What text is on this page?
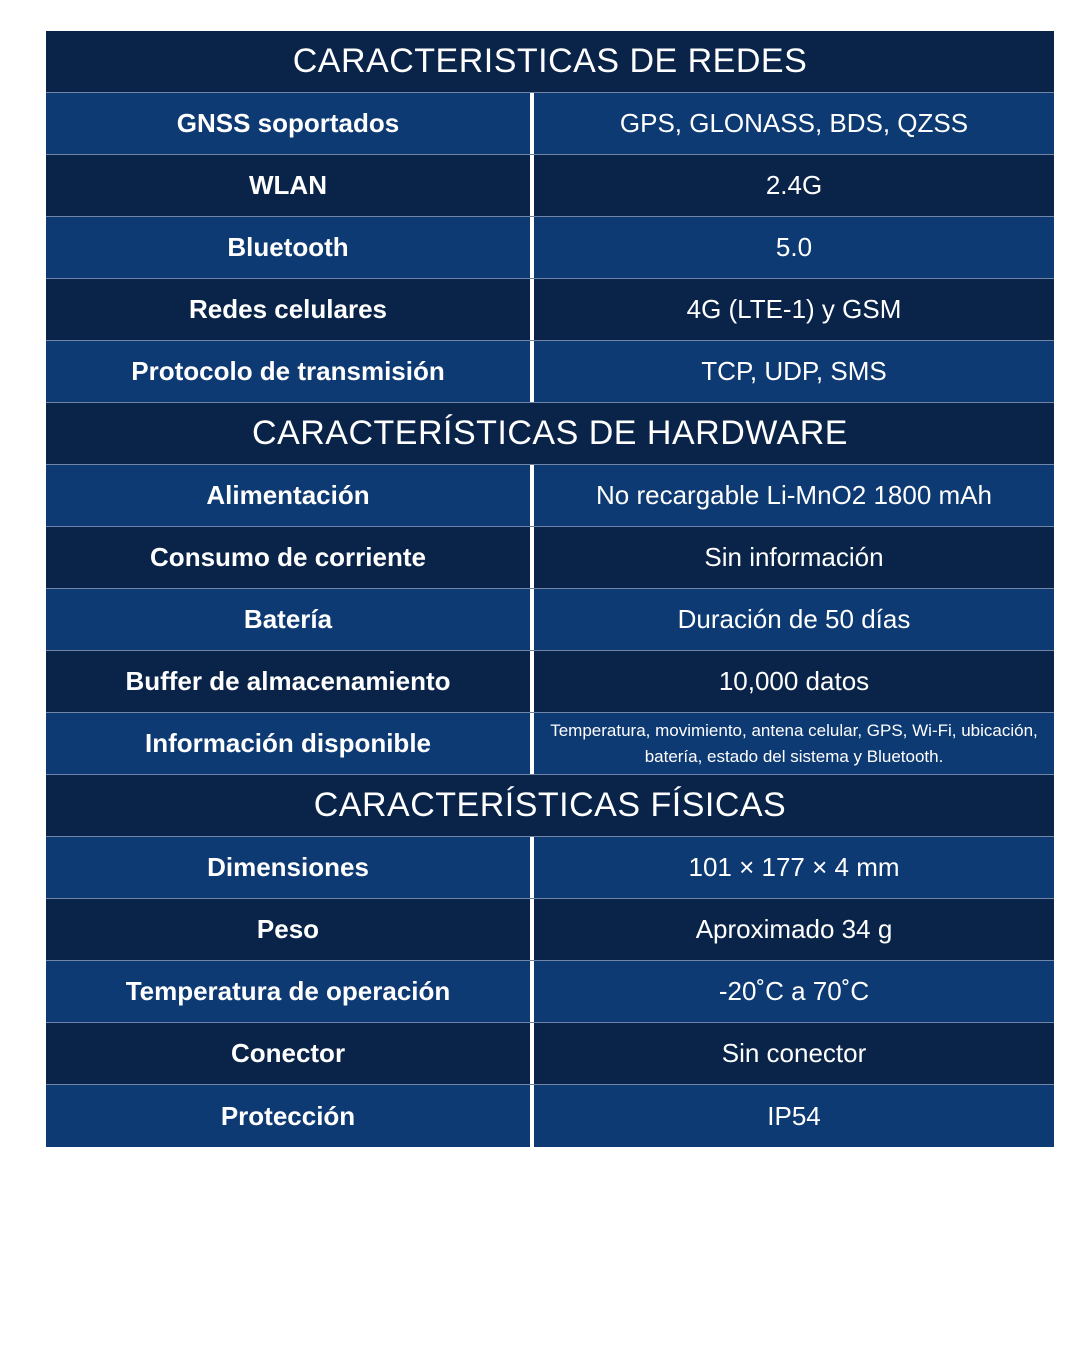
CARACTERISTICAS DE REDES
GNSS soportados	GPS, GLONASS, BDS, QZSS
WLAN	2.4G
Bluetooth	5.0
Redes celulares	4G (LTE-1) y GSM
Protocolo de transmisión	TCP, UDP, SMS
CARACTERÍSTICAS DE HARDWARE
Alimentación	No recargable Li-MnO2 1800 mAh
Consumo de corriente	Sin información
Batería	Duración de 50 días
Buffer de almacenamiento	10,000 datos
Información disponible	Temperatura, movimiento, antena celular, GPS, Wi-Fi, ubicación, batería, estado del sistema y Bluetooth.
CARACTERÍSTICAS FÍSICAS
Dimensiones	101 × 177 × 4 mm
Peso	Aproximado 34 g
Temperatura de operación	-20˚C a 70˚C
Conector	Sin conector
Protección	IP54
